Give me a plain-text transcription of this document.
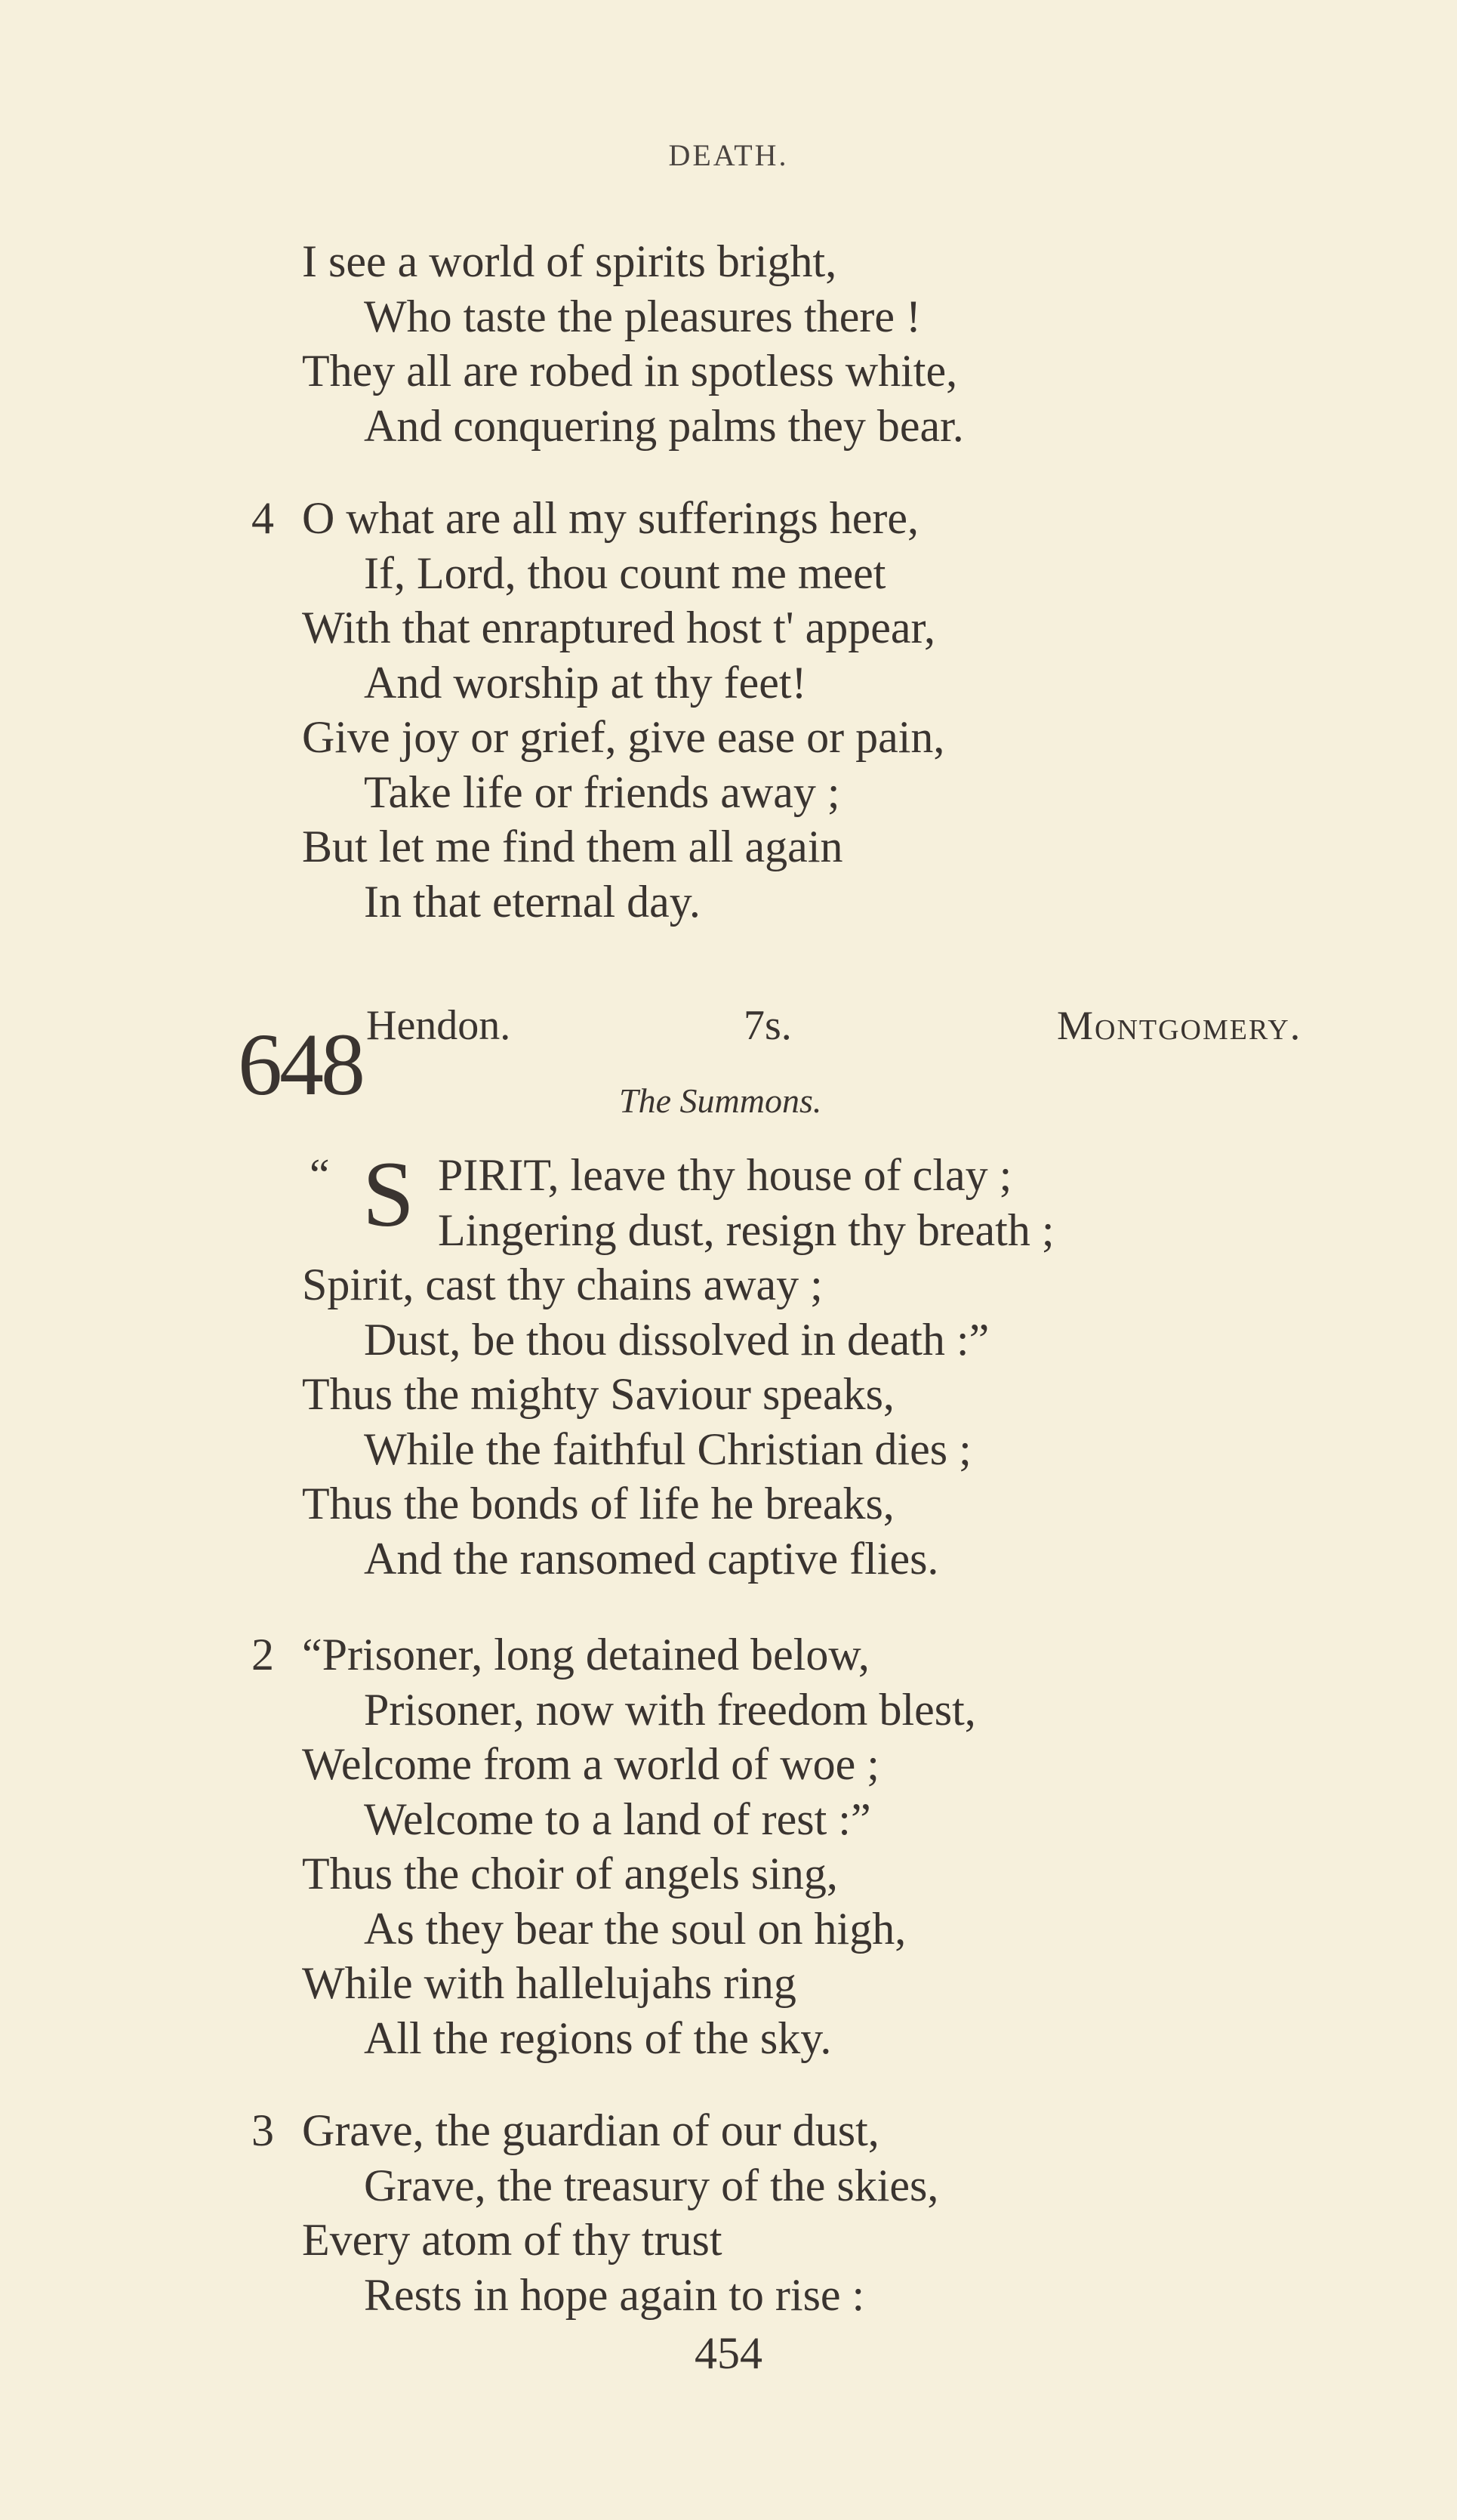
DEATH.
I see a world of spirits bright,
Who taste the pleasures there !
They all are robed in spotless white,
And conquering palms they bear.
4 O what are all my sufferings here,
If, Lord, thou count me meet
With that enraptured host t' appear,
And worship at thy feet!
Give joy or grief, give ease or pain,
Take life or friends away ;
But let me find them all again
In that eternal day.
648 Hendon.	7s.	Montgomery.
The Summons.
“ S PIRIT, leave thy house of clay ;
Lingering dust, resign thy breath ;
Spirit, cast thy chains away ;
Dust, be thou dissolved in death :”
Thus the mighty Saviour speaks,
While the faithful Christian dies ;
Thus the bonds of life he breaks,
And the ransomed captive flies.
2 “Prisoner, long detained below,
Prisoner, now with freedom blest,
Welcome from a world of woe ;
Welcome to a land of rest :”
Thus the choir of angels sing,
As they bear the soul on high,
While with hallelujahs ring
All the regions of the sky.
3 Grave, the guardian of our dust,
Grave, the treasury of the skies,
Every atom of thy trust
Rests in hope again to rise :
454
